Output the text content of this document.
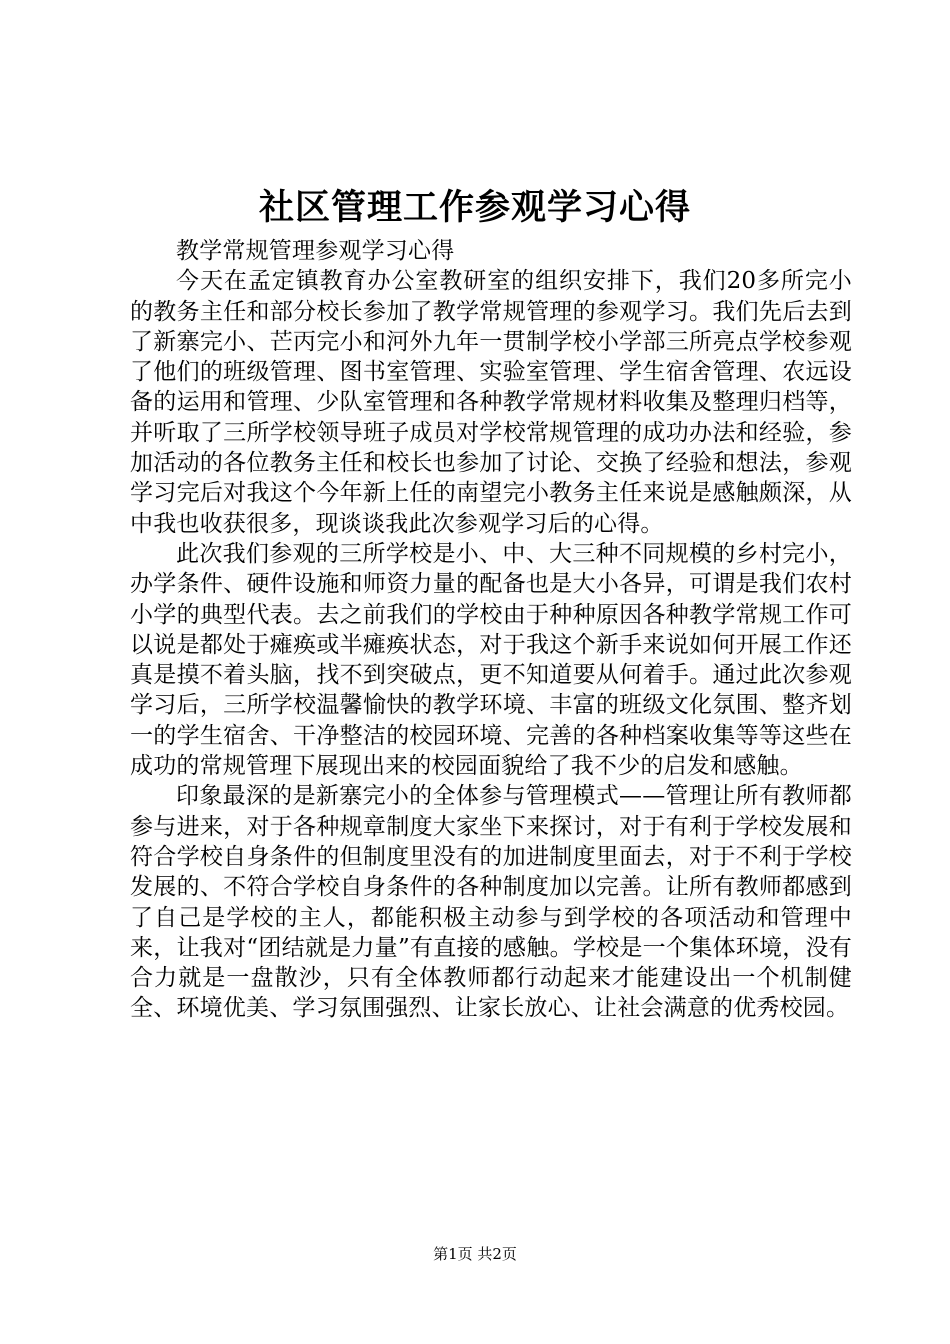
社区管理工作参观学习心得

教学常规管理参观学习心得

今天在孟定镇教育办公室教研室的组织安排下，我们20多所完小的教务主任和部分校长参加了教学常规管理的参观学习。我们先后去到了新寨完小、芒丙完小和河外九年一贯制学校小学部三所亮点学校参观了他们的班级管理、图书室管理、实验室管理、学生宿舍管理、农远设备的运用和管理、少队室管理和各种教学常规材料收集及整理归档等，并听取了三所学校领导班子成员对学校常规管理的成功办法和经验，参加活动的各位教务主任和校长也参加了讨论、交换了经验和想法，参观学习完后对我这个今年新上任的南望完小教务主任来说是感触颇深，从中我也收获很多，现谈谈我此次参观学习后的心得。

此次我们参观的三所学校是小、中、大三种不同规模的乡村完小，办学条件、硬件设施和师资力量的配备也是大小各异，可谓是我们农村小学的典型代表。去之前我们的学校由于种种原因各种教学常规工作可以说是都处于瘫痪或半瘫痪状态，对于我这个新手来说如何开展工作还真是摸不着头脑，找不到突破点，更不知道要从何着手。通过此次参观学习后，三所学校温馨愉快的教学环境、丰富的班级文化氛围、整齐划一的学生宿舍、干净整洁的校园环境、完善的各种档案收集等等这些在成功的常规管理下展现出来的校园面貌给了我不少的启发和感触。

印象最深的是新寨完小的全体参与管理模式——管理让所有教师都参与进来，对于各种规章制度大家坐下来探讨，对于有利于学校发展和符合学校自身条件的但制度里没有的加进制度里面去，对于不利于学校发展的、不符合学校自身条件的各种制度加以完善。让所有教师都感到了自己是学校的主人，都能积极主动参与到学校的各项活动和管理中来，让我对“团结就是力量”有直接的感触。学校是一个集体环境，没有合力就是一盘散沙，只有全体教师都行动起来才能建设出一个机制健全、环境优美、学习氛围强烈、让家长放心、让社会满意的优秀校园。

第1页 共2页
